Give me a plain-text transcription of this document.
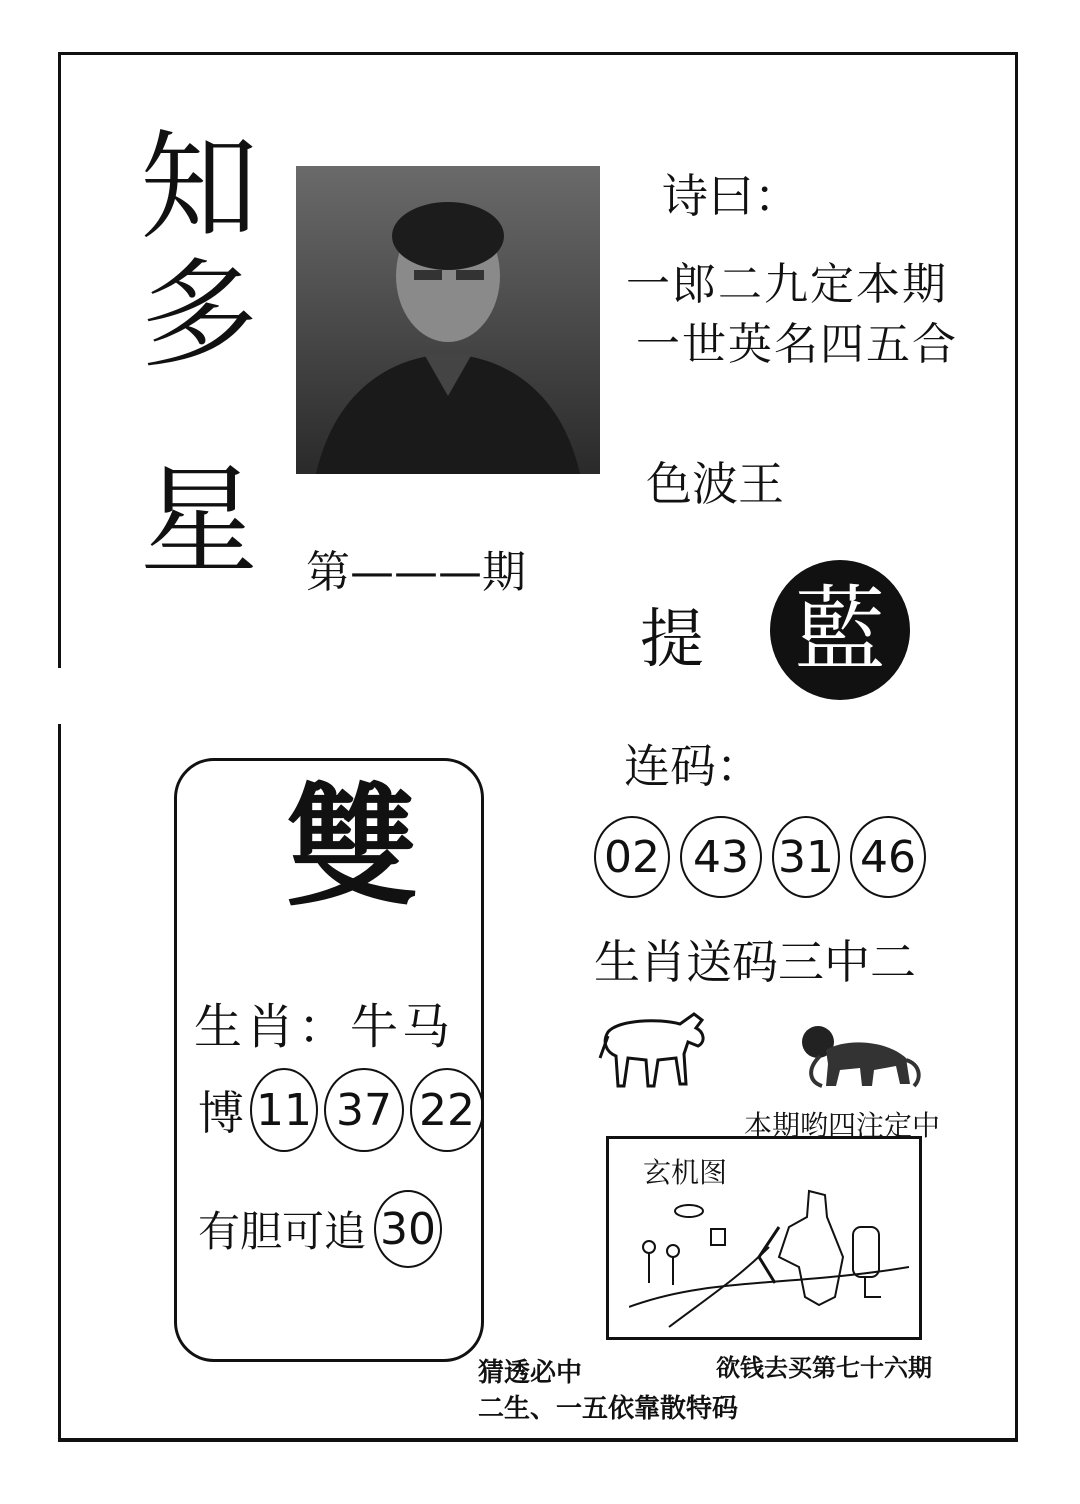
知
多
星
诗曰：
一郎二九定本期
一世英名四五合
色波王
第———期
提 藍
连码：
02 43 31 46
生肖送码三中二
本期哟四注定中
玄机图
雙
生肖：牛马
博 11 37 22
有胆可追 30
猜透必中	欲钱去买第七十六期
二生、一五依靠散特码
